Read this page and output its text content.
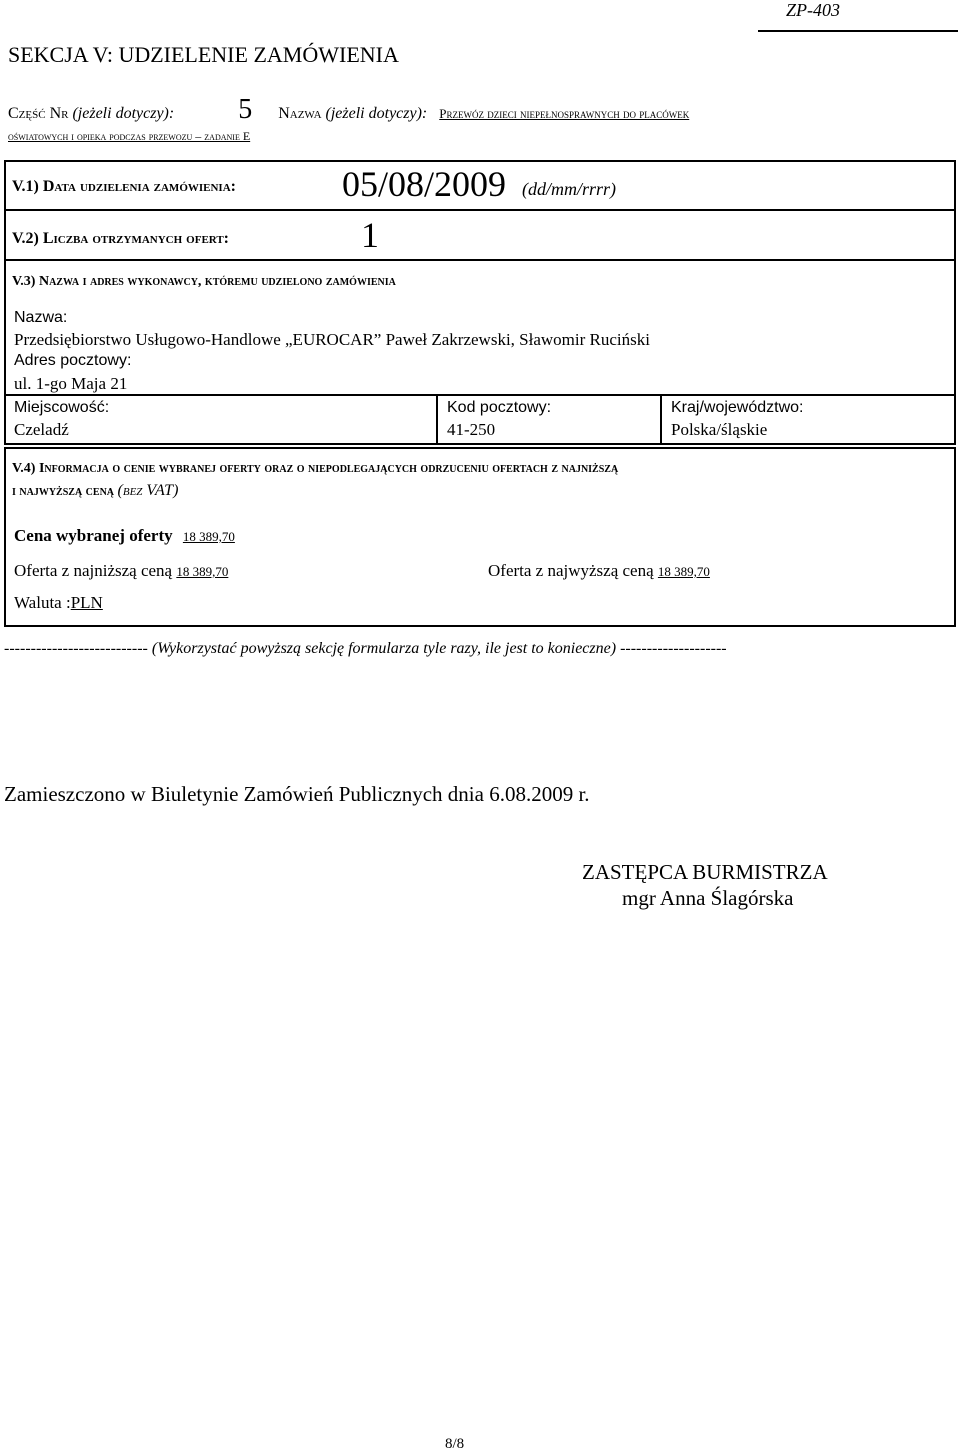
ZP-403
SEKCJA V: UDZIELENIE ZAMÓWIENIA
Część Nr (jeżeli dotyczy): 5 Nazwa (jeżeli dotyczy): Przewóz dzieci niepełnosprawnych do placówek
oświatowych i opieka podczas przewozu – zadanie E
V.1) Data udzielenia zamówienia:	05/08/2009 (dd/mm/rrrr)
V.2) Liczba otrzymanych ofert:	1
V.3) Nazwa i adres wykonawcy, któremu udzielono zamówienia
Nazwa:
Przedsiębiorstwo Usługowo-Handlowe „EUROCAR” Paweł Zakrzewski, Sławomir Ruciński
Adres pocztowy:
ul. 1-go Maja 21
Miejscowość:
Czeladź
Kod pocztowy:
41-250
Kraj/województwo:
Polska/śląskie
V.4) Informacja o cenie wybranej oferty oraz o niepodlegających odrzuceniu ofertach z najniższą
i najwyższą ceną (bez VAT)
Cena wybranej oferty 18 389,70
Oferta z najniższą ceną 18 389,70	Oferta z najwyższą ceną 18 389,70
Waluta :PLN
--------------------------- (Wykorzystać powyższą sekcję formularza tyle razy, ile jest to konieczne) --------------------
Zamieszczono w Biuletynie Zamówień Publicznych dnia 6.08.2009 r.
ZASTĘPCA BURMISTRZA
mgr Anna Ślagórska
8/8
